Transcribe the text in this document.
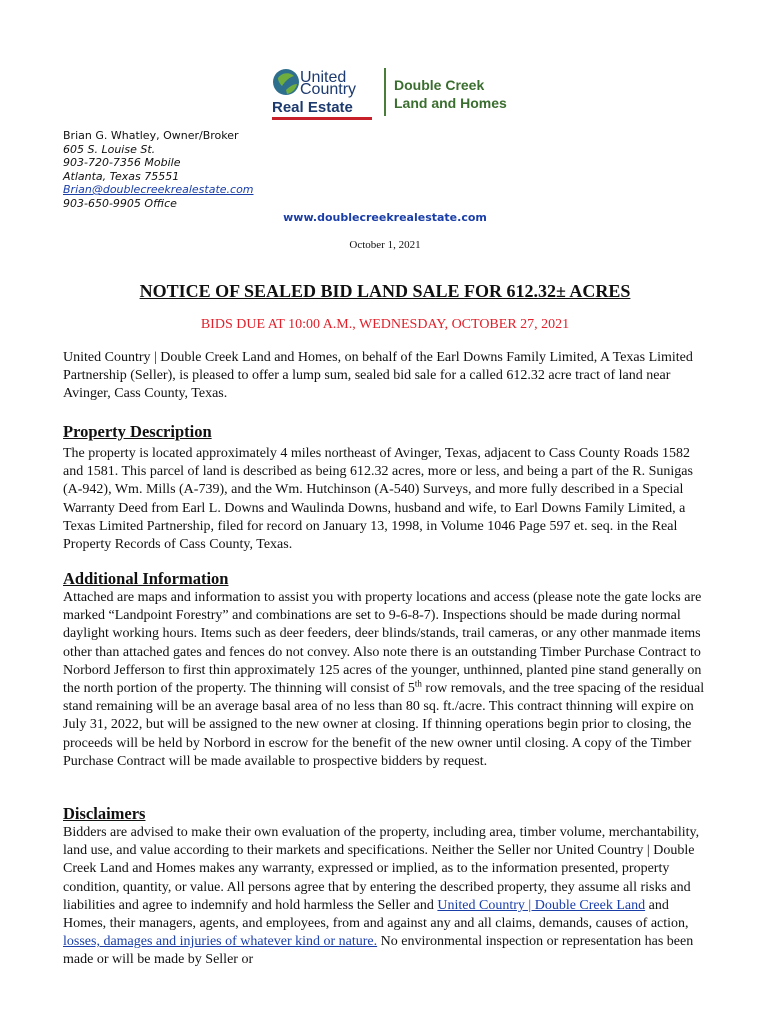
United
Country
Real Estate
Double Creek
Land and Homes
Brian G. Whatley, Owner/Broker
605 S. Louise St.
903-720-7356 Mobile
Atlanta, Texas 75551
Brian@doublecreekrealestate.com
903-650-9905 Office
www.doublecreekrealestate.com
October 1, 2021
NOTICE OF SEALED BID LAND SALE FOR 612.32± ACRES
BIDS DUE AT 10:00 A.M., WEDNESDAY, OCTOBER 27, 2021
United Country | Double Creek Land and Homes, on behalf of the Earl Downs Family Limited, A Texas Limited Partnership (Seller), is pleased to offer a lump sum, sealed bid sale for a called 612.32 acre tract of land near Avinger, Cass County, Texas.
Property Description
The property is located approximately 4 miles northeast of Avinger, Texas, adjacent to Cass County Roads 1582 and 1581. This parcel of land is described as being 612.32 acres, more or less, and being a part of the R. Sunigas (A-942), Wm. Mills (A-739), and the Wm. Hutchinson (A-540) Surveys, and more fully described in a Special Warranty Deed from Earl L. Downs and Waulinda Downs, husband and wife, to Earl Downs Family Limited, a Texas Limited Partnership, filed for record on January 13, 1998, in Volume 1046 Page 597 et. seq. in the Real Property Records of Cass County, Texas.
Additional Information
Attached are maps and information to assist you with property locations and access (please note the gate locks are marked “Landpoint Forestry” and combinations are set to 9-6-8-7). Inspections should be made during normal daylight working hours. Items such as deer feeders, deer blinds/stands, trail cameras, or any other manmade items other than attached gates and fences do not convey. Also note there is an outstanding Timber Purchase Contract to Norbord Jefferson to first thin approximately 125 acres of the younger, unthinned, planted pine stand generally on the north portion of the property. The thinning will consist of 5th row removals, and the tree spacing of the residual stand remaining will be an average basal area of no less than 80 sq. ft./acre. This contract thinning will expire on July 31, 2022, but will be assigned to the new owner at closing. If thinning operations begin prior to closing, the proceeds will be held by Norbord in escrow for the benefit of the new owner until closing. A copy of the Timber Purchase Contract will be made available to prospective bidders by request.
Disclaimers
Bidders are advised to make their own evaluation of the property, including area, timber volume, merchantability, land use, and value according to their markets and specifications. Neither the Seller nor United Country | Double Creek Land and Homes makes any warranty, expressed or implied, as to the information presented, property condition, quantity, or value. All persons agree that by entering the described property, they assume all risks and liabilities and agree to indemnify and hold harmless the Seller and United Country | Double Creek Land and Homes, their managers, agents, and employees, from and against any and all claims, demands, causes of action, losses, damages and injuries of whatever kind or nature. No environmental inspection or representation has been made or will be made by Seller or
